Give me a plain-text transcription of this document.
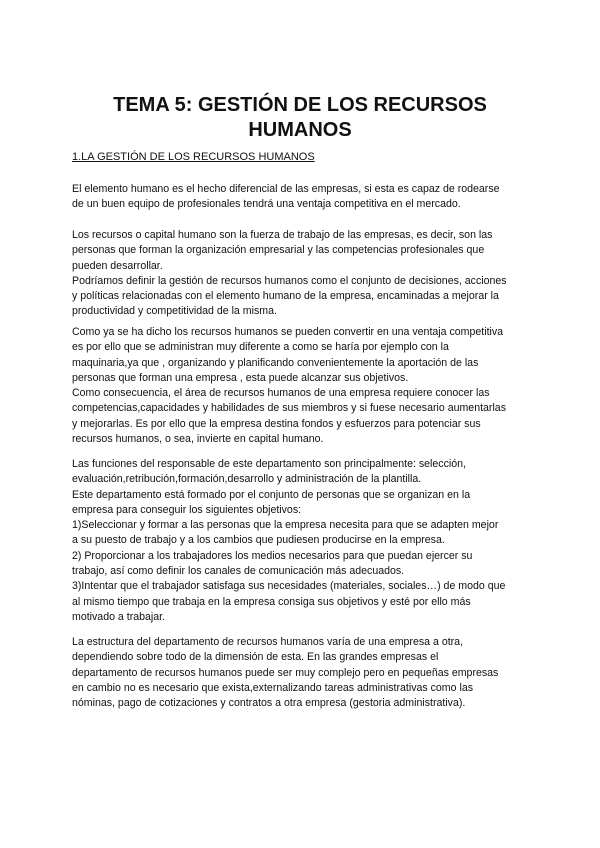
TEMA 5: GESTIÓN DE LOS RECURSOS
HUMANOS

1.LA GESTIÓN DE LOS RECURSOS HUMANOS

El elemento humano es el hecho diferencial de las empresas, si esta es capaz de rodearse
de un buen equipo de profesionales tendrá una ventaja competitiva en el mercado.
Los recursos o capital humano son la fuerza de trabajo de las empresas, es decir, son las
personas que forman la organización empresarial y las competencias profesionales que
pueden desarrollar.
Podríamos definir la gestión de recursos humanos como el conjunto de decisiones, acciones
y políticas relacionadas con el elemento humano de la empresa, encaminadas a mejorar la
productividad y competitividad de la misma.
Como ya se ha dicho los recursos humanos se pueden convertir en una ventaja competitiva
es por ello que se administran muy diferente a como se haría por ejemplo con la
maquinaria,ya que , organizando y planificando convenientemente la aportación de las
personas que forman una empresa , esta puede alcanzar sus objetivos.
Como consecuencia, el área de recursos humanos de una empresa requiere conocer las
competencias,capacidades y habilidades de sus miembros y si fuese necesario aumentarlas
y mejorarlas. Es por ello que la empresa destina fondos y esfuerzos para potenciar sus
recursos humanos, o sea, invierte en capital humano.
Las funciones del responsable de este departamento son principalmente: selección,
evaluación,retribución,formación,desarrollo y administración de la plantilla.
Este departamento está formado por el conjunto de personas que se organizan en la
empresa para conseguir los siguientes objetivos:
1)Seleccionar y formar a las personas que la empresa necesita para que se adapten mejor
a su puesto de trabajo y a los cambios que pudiesen producirse en la empresa.
2) Proporcionar a los trabajadores los medios necesarios para que puedan ejercer su
trabajo, así como definir los canales de comunicación más adecuados.
3)Intentar que el trabajador satisfaga sus necesidades (materiales, sociales…) de modo que
al mismo tiempo que trabaja en la empresa consiga sus objetivos y esté por ello más
motivado a trabajar.
La estructura del departamento de recursos humanos varía de una empresa a otra,
dependiendo sobre todo de la dimensión de esta. En las grandes empresas el
departamento de recursos humanos puede ser muy complejo pero en pequeñas empresas
en cambio no es necesario que exista,externalizando tareas administrativas como las
nóminas, pago de cotizaciones y contratos a otra empresa (gestoria administrativa).
